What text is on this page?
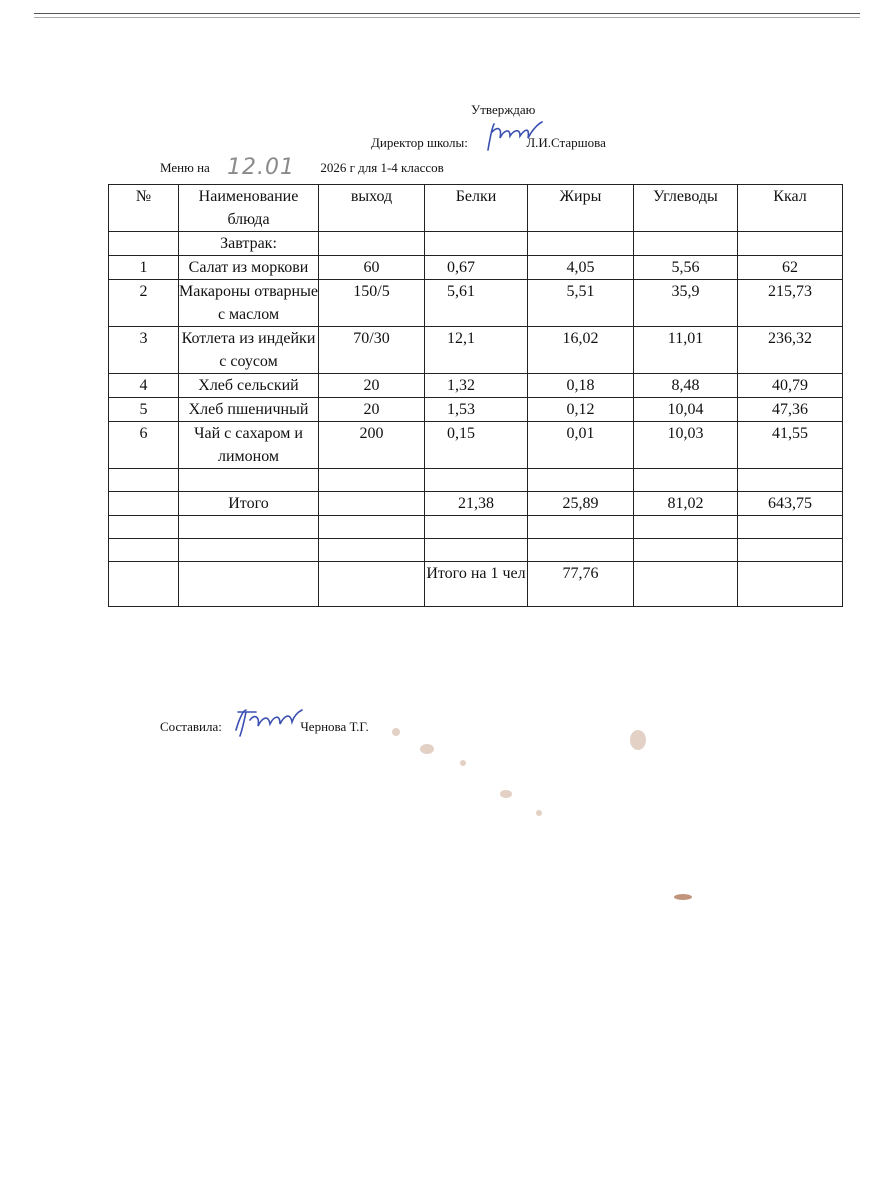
Утверждаю
Директор школы:	Л.И.Старшова
Меню на 12.01 2026 г для 1-4 классов
№	Наименование блюда	выход	Белки	Жиры	Углеводы	Ккал
	Завтрак:					
1	Салат из моркови	60	0,67	4,05	5,56	62
2	Макароны отварные с маслом	150/5	5,61	5,51	35,9	215,73
3	Котлета из индейки с соусом	70/30	12,1	16,02	11,01	236,32
4	Хлеб сельский	20	1,32	0,18	8,48	40,79
5	Хлеб пшеничный	20	1,53	0,12	10,04	47,36
6	Чай с сахаром и лимоном	200	0,15	0,01	10,03	41,55

	Итого		21,38	25,89	81,02	643,75

			Итого на 1 чел	77,76		
Составила:	Чернова Т.Г.
